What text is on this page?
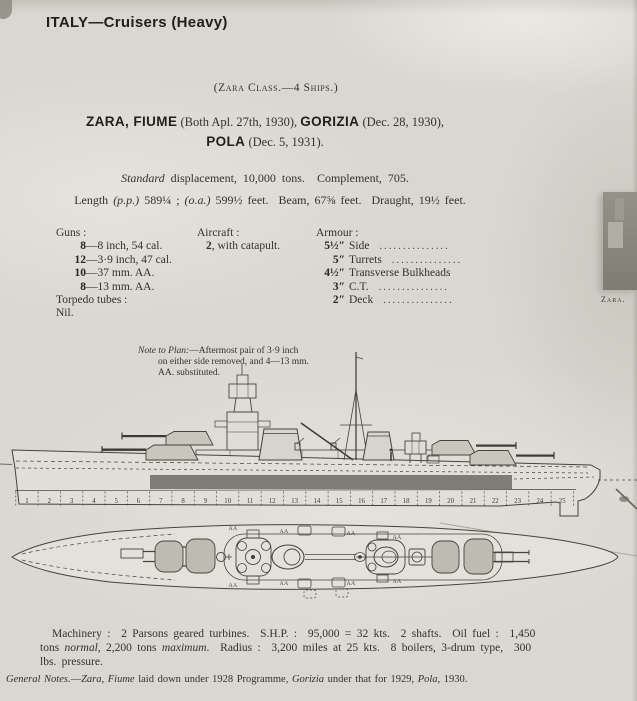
ITALY—Cruisers (Heavy)
(Zara Class.—4 Ships.)
ZARA, FIUME (Both Apl. 27th, 1930), GORIZIA (Dec. 28, 1930),
POLA (Dec. 5, 1931).
Standard displacement, 10,000 tons.  Complement, 705.
Length (p.p.) 589¼ ; (o.a.) 599½ feet.  Beam, 67⅝ feet.  Draught, 19½ feet.
Guns :
8—8 inch, 54 cal.
12—3·9 inch, 47 cal.
10—37 mm. AA.
8—13 mm. AA.
Torpedo tubes :
Nil.
Aircraft :
2, with catapult.
Armour :
5½″ Side	...............
5″ Turrets	...............
4½″ Transverse Bulkheads
3″ C.T.	...............
2″ Deck	...............	Zara.
Note to Plan:—Aftermost pair of 3·9 inch
on either side removed, and 4—13 mm.
AA. substituted.
1	2	3	4	5	6	7	8	9	10 11 12 13 14 15 16 17 18 19 20 21 22 23 24 25
AA	AA	AA
AA
AA	AA	AA	AA
Machinery :  2 Parsons geared turbines.  S.H.P. :  95,000 = 32 kts.  2 shafts.  Oil fuel :  1,450
tons normal, 2,200 tons maximum.  Radius :  3,200 miles at 25 kts.  8 boilers, 3-drum type,  300
lbs. pressure.
General Notes.—Zara, Fiume laid down under 1928 Programme, Gorizia under that for 1929, Pola, 1930.
